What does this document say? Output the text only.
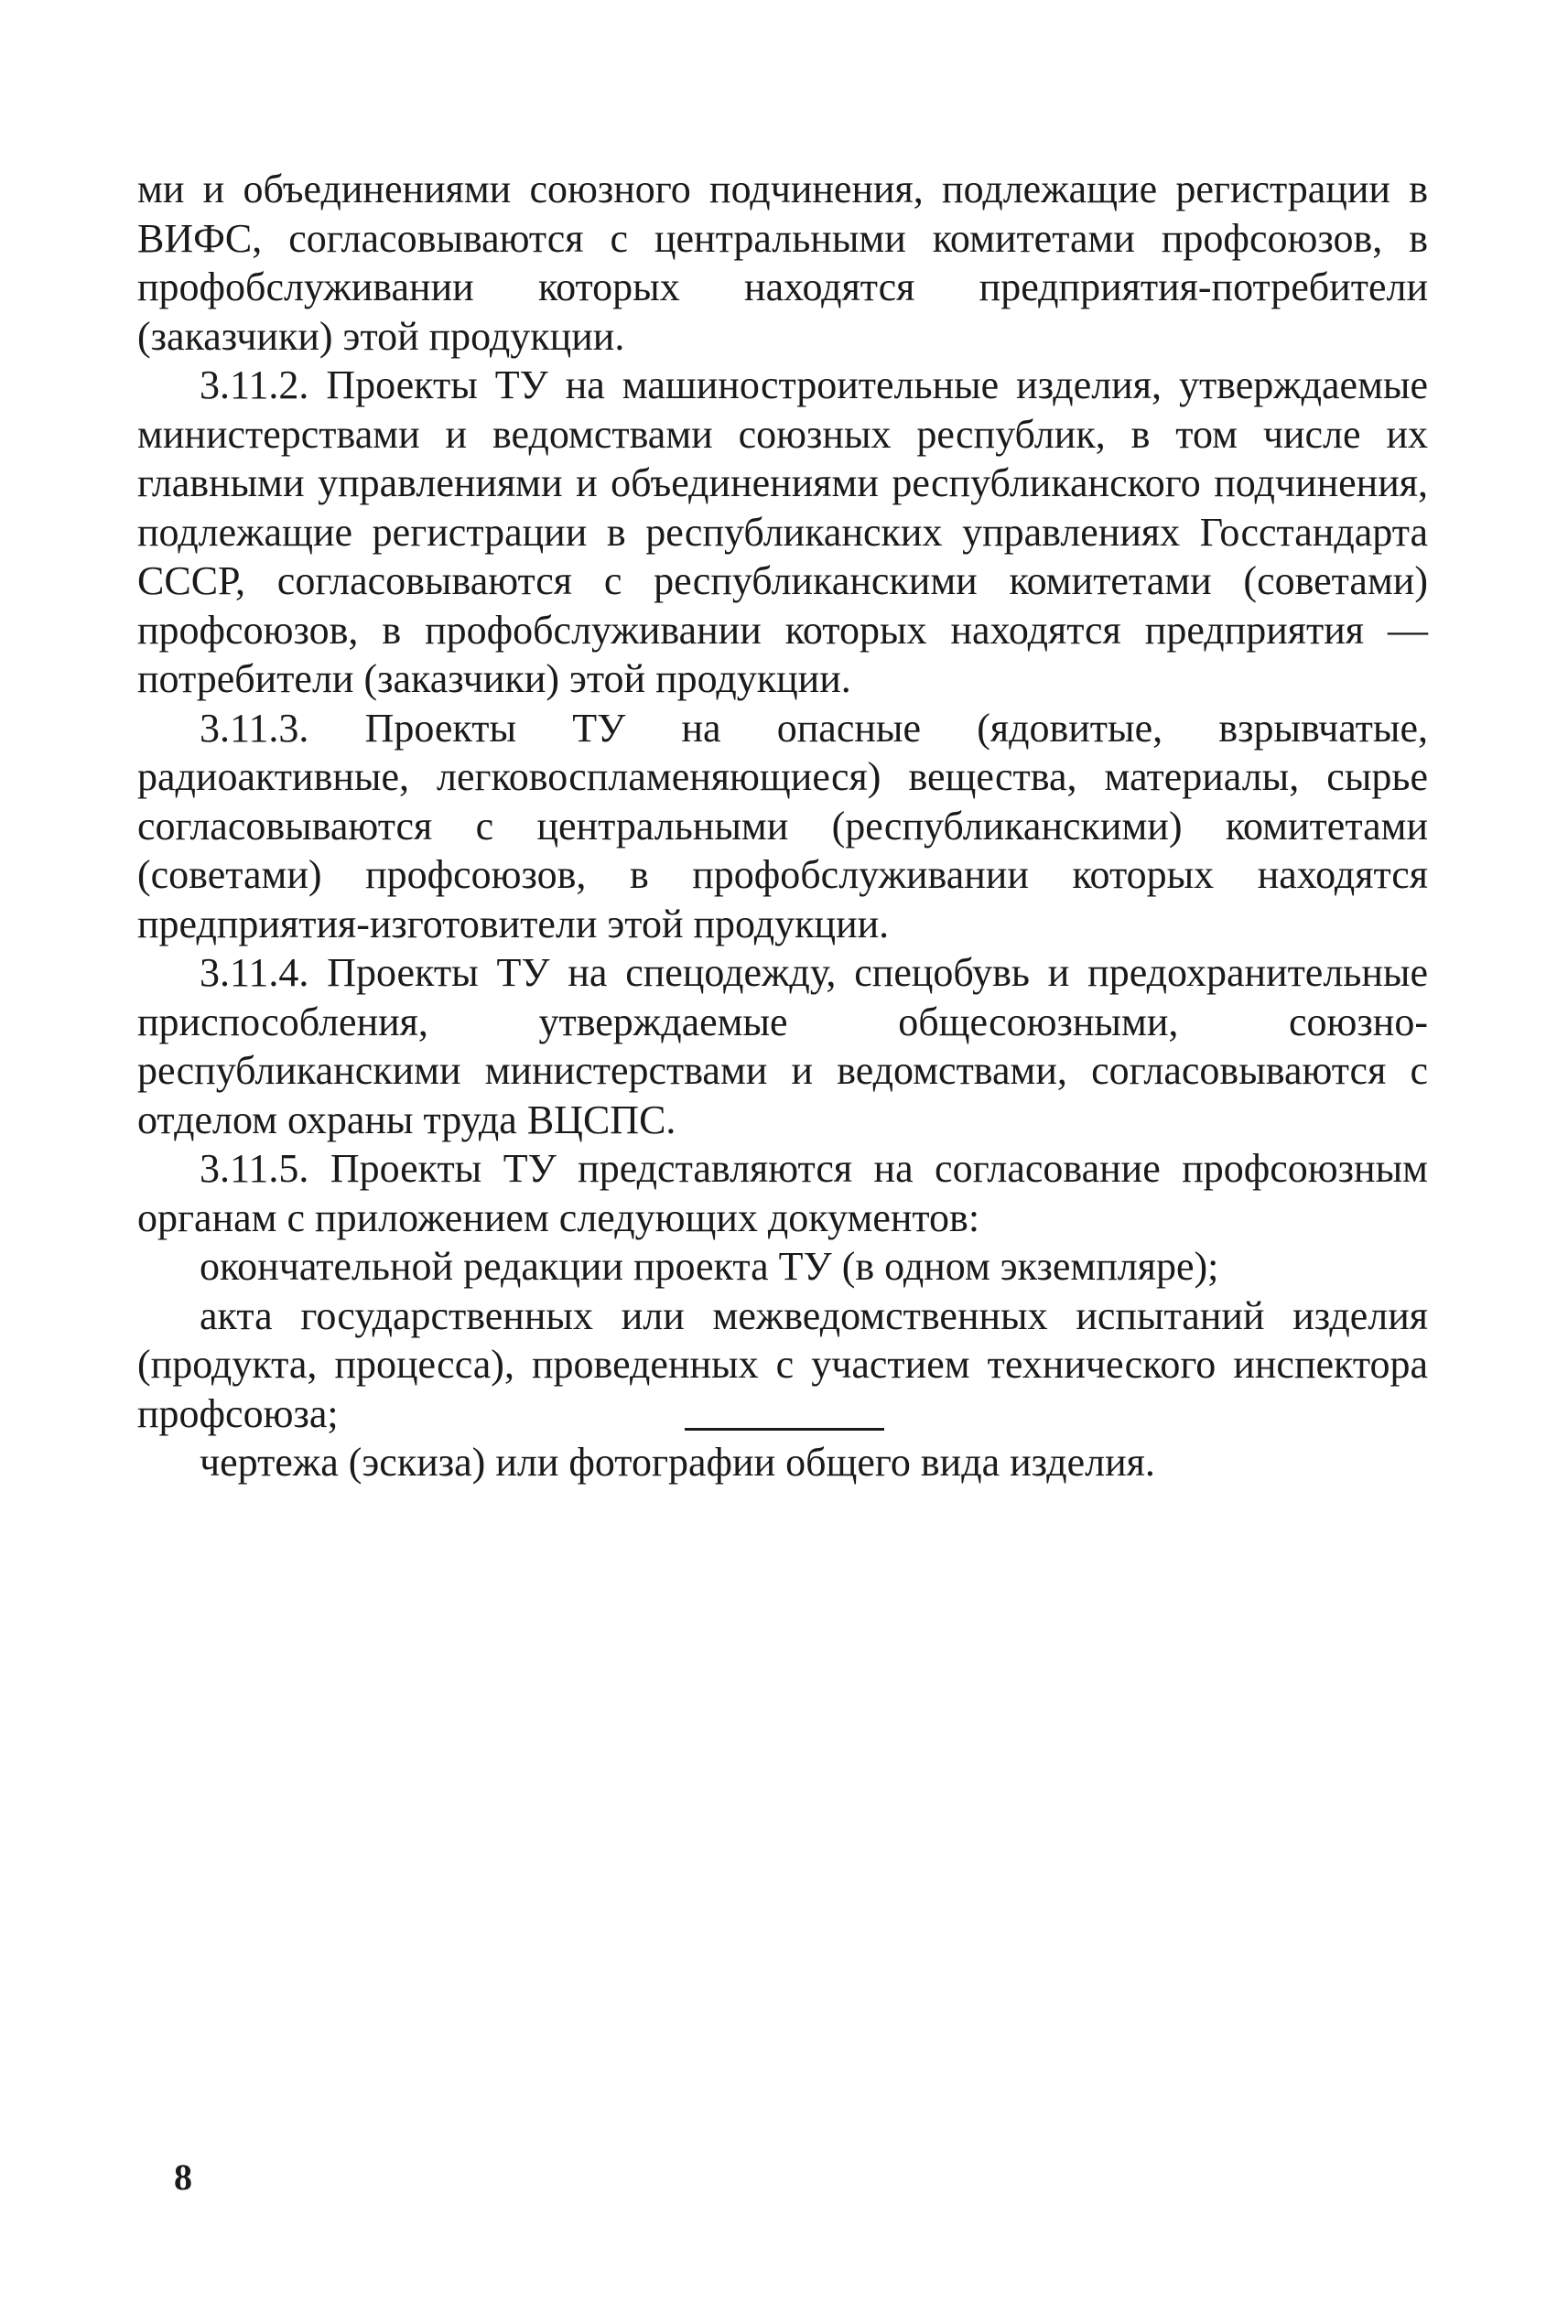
ми и объединениями союзного подчинения, подлежащие регистрации в ВИФС, согласовываются с центральными комитетами профсоюзов, в профобслуживании которых находятся предприятия-потребители (заказчики) этой продукции.

3.11.2. Проекты ТУ на машиностроительные изделия, утверждаемые министерствами и ведомствами союзных республик, в том числе их главными управлениями и объединениями республиканского подчинения, подлежащие регистрации в республиканских управлениях Госстандарта СССР, согласовываются с республиканскими комитетами (советами) профсоюзов, в профобслуживании которых находятся предприятия — потребители (заказчики) этой продукции.

3.11.3. Проекты ТУ на опасные (ядовитые, взрывчатые, радиоактивные, легковоспламеняющиеся) вещества, материалы, сырье согласовываются с центральными (республиканскими) комитетами (советами) профсоюзов, в профобслуживании которых находятся предприятия-изготовители этой продукции.

3.11.4. Проекты ТУ на спецодежду, спецобувь и предохранительные приспособления, утверждаемые общесоюзными, союзно-республиканскими министерствами и ведомствами, согласовываются с отделом охраны труда ВЦСПС.

3.11.5. Проекты ТУ представляются на согласование профсоюзным органам с приложением следующих документов:

окончательной редакции проекта ТУ (в одном экземпляре);

акта государственных или межведомственных испытаний изделия (продукта, процесса), проведенных с участием технического инспектора профсоюза;

чертежа (эскиза) или фотографии общего вида изделия.

8
